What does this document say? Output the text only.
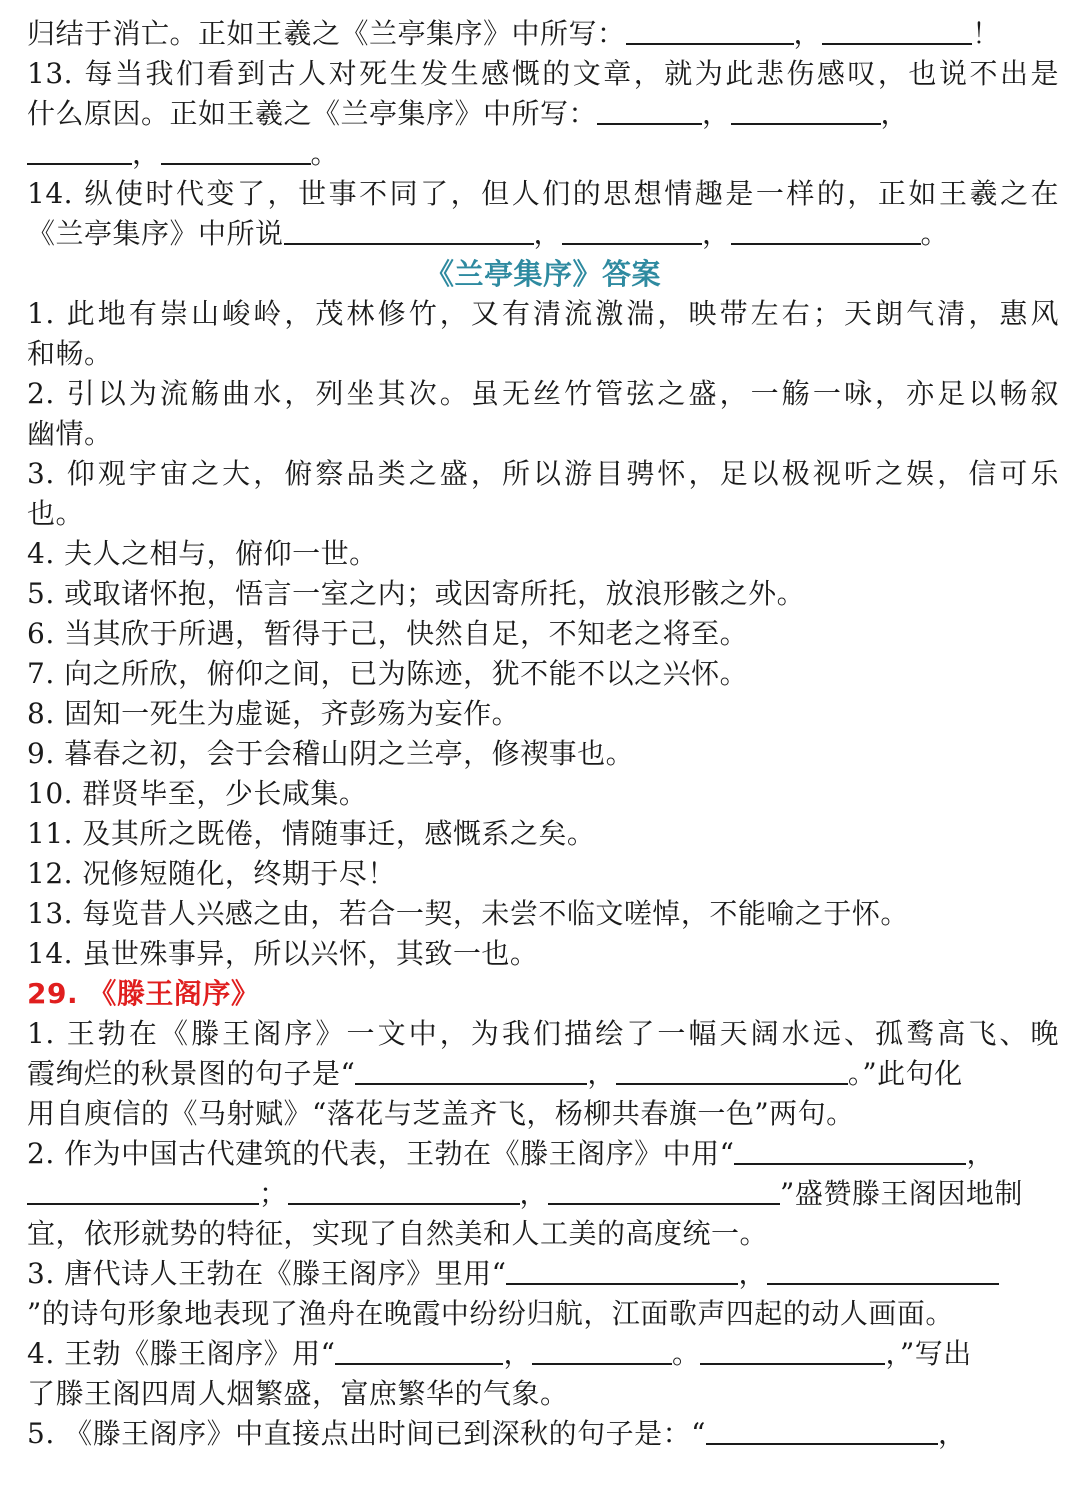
归结于消亡。正如王羲之《兰亭集序》中所写：	，	！
13. 每当我们看到古人对死生发生感慨的文章，就为此悲伤感叹，也说不出是
什么原因。正如王羲之《兰亭集序》中所写：	，	，
，	。
14. 纵使时代变了，世事不同了，但人们的思想情趣是一样的，正如王羲之在
《兰亭集序》中所说	，	，	。
《兰亭集序》答案
1. 此地有崇山峻岭，茂林修竹，又有清流激湍，映带左右；天朗气清，惠风
和畅。
2. 引以为流觞曲水，列坐其次。虽无丝竹管弦之盛，一觞一咏，亦足以畅叙
幽情。
3. 仰观宇宙之大，俯察品类之盛，所以游目骋怀，足以极视听之娱，信可乐
也。
4. 夫人之相与，俯仰一世。
5. 或取诸怀抱，悟言一室之内；或因寄所托，放浪形骸之外。
6. 当其欣于所遇，暂得于己，快然自足，不知老之将至。
7. 向之所欣，俯仰之间，已为陈迹，犹不能不以之兴怀。
8. 固知一死生为虚诞，齐彭殇为妄作。
9. 暮春之初，会于会稽山阴之兰亭，修禊事也。
10. 群贤毕至，少长咸集。
11. 及其所之既倦，情随事迁，感慨系之矣。
12. 况修短随化，终期于尽！
13. 每览昔人兴感之由，若合一契，未尝不临文嗟悼，不能喻之于怀。
14. 虽世殊事异，所以兴怀，其致一也。
29. 《滕王阁序》
1. 王勃在《滕王阁序》一文中，为我们描绘了一幅天阔水远、孤鹜高飞、晚
霞绚烂的秋景图的句子是“	，	。”此句化
用自庾信的《马射赋》“落花与芝盖齐飞，杨柳共春旗一色”两句。
2. 作为中国古代建筑的代表，王勃在《滕王阁序》中用“	，
；	，	”盛赞滕王阁因地制
宜，依形就势的特征，实现了自然美和人工美的高度统一。
3. 唐代诗人王勃在《滕王阁序》里用“	，
”的诗句形象地表现了渔舟在晚霞中纷纷归航，江面歌声四起的动人画面。
4. 王勃《滕王阁序》用“	，	。	，”写出
了滕王阁四周人烟繁盛，富庶繁华的气象。
5. 《滕王阁序》中直接点出时间已到深秋的句子是：“	，
